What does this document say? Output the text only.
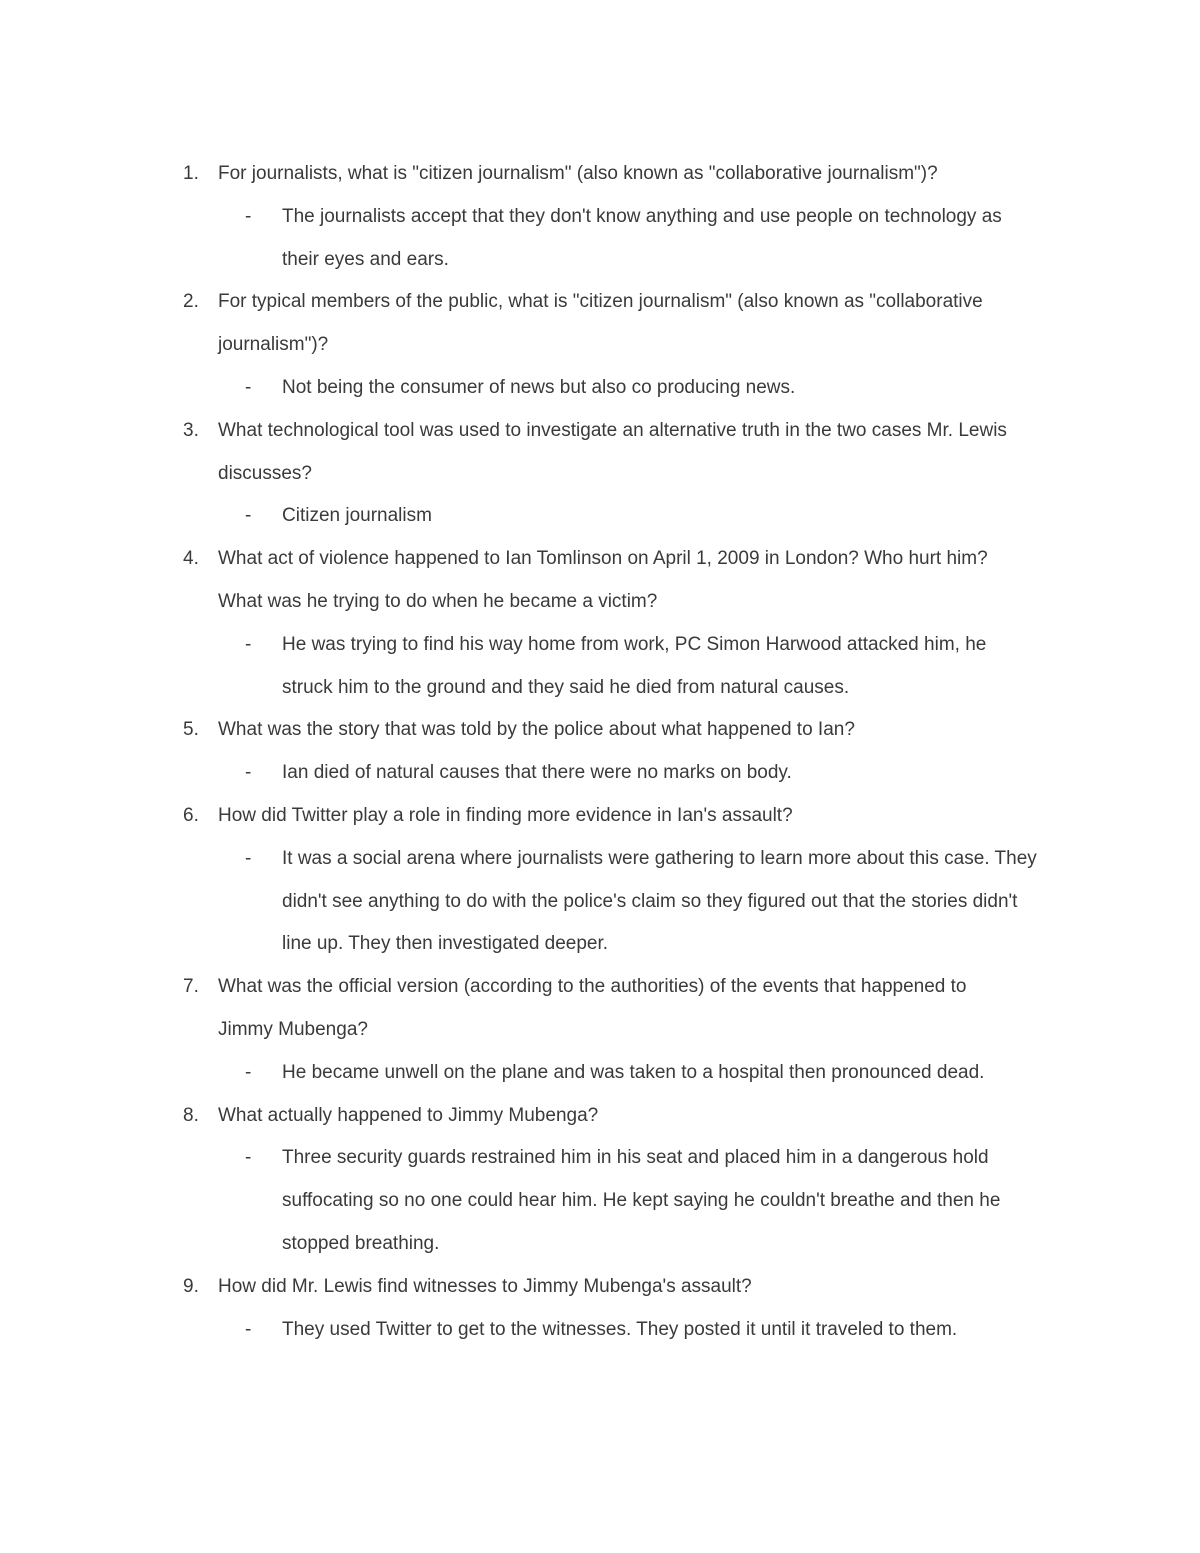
1. For journalists, what is "citizen journalism" (also known as "collaborative journalism")?
- The journalists accept that they don't know anything and use people on technology as
their eyes and ears.
2. For typical members of the public, what is "citizen journalism" (also known as "collaborative
journalism")?
- Not being the consumer of news but also co producing news.
3. What technological tool was used to investigate an alternative truth in the two cases Mr. Lewis
discusses?
- Citizen journalism
4. What act of violence happened to Ian Tomlinson on April 1, 2009 in London? Who hurt him?
What was he trying to do when he became a victim?
- He was trying to find his way home from work, PC Simon Harwood attacked him, he
struck him to the ground and they said he died from natural causes.
5. What was the story that was told by the police about what happened to Ian?
- Ian died of natural causes that there were no marks on body.
6. How did Twitter play a role in finding more evidence in Ian's assault?
- It was a social arena where journalists were gathering to learn more about this case. They
didn't see anything to do with the police's claim so they figured out that the stories didn't
line up. They then investigated deeper.
7. What was the official version (according to the authorities) of the events that happened to
Jimmy Mubenga?
- He became unwell on the plane and was taken to a hospital then pronounced dead.
8. What actually happened to Jimmy Mubenga?
- Three security guards restrained him in his seat and placed him in a dangerous hold
suffocating so no one could hear him. He kept saying he couldn't breathe and then he
stopped breathing.
9. How did Mr. Lewis find witnesses to Jimmy Mubenga's assault?
- They used Twitter to get to the witnesses. They posted it until it traveled to them.
